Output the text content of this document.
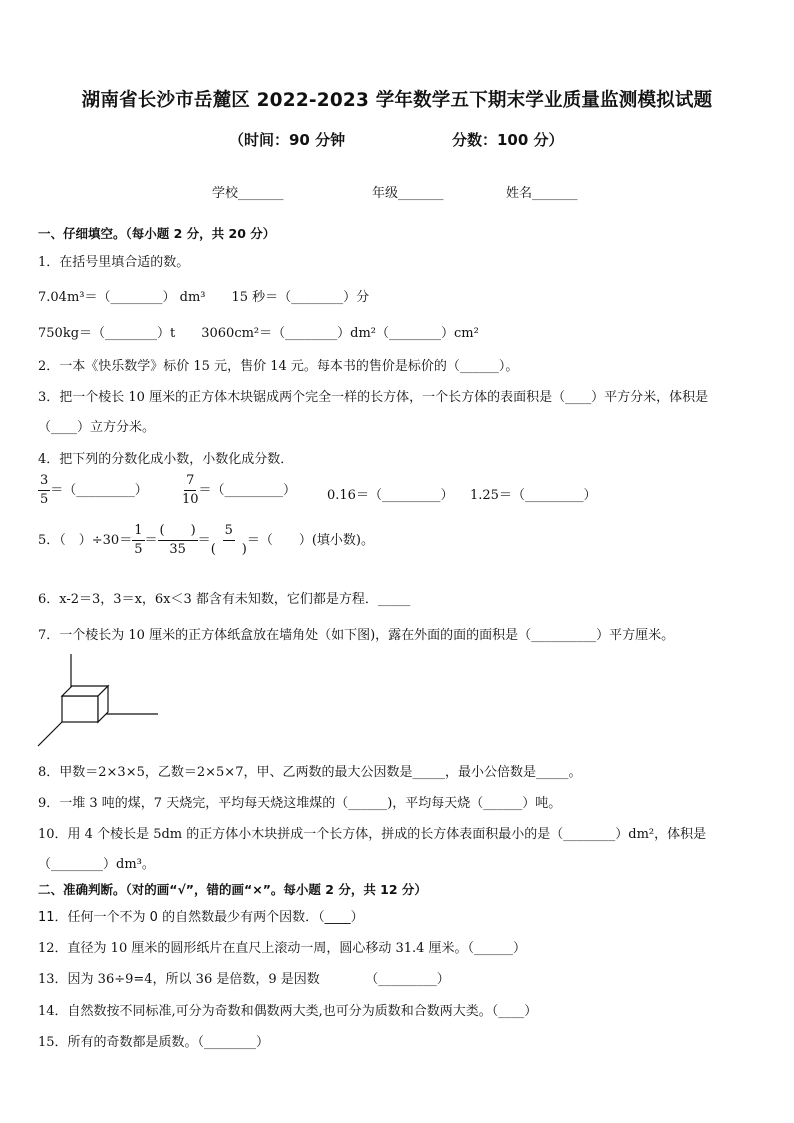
湖南省长沙市岳麓区 2022-2023 学年数学五下期末学业质量监测模拟试题
（时间：90 分钟	分数：100 分）
学校_______	年级_______	姓名_______
一、仔细填空。（每小题 2 分，共 20 分）
1．在括号里填合适的数。
7.04m³＝（________） dm³　　15 秒＝（________）分
750kg＝（________）t　　3060cm²＝（________）dm²（________）cm²
2．一本《快乐数学》标价 15 元，售价 14 元。每本书的售价是标价的（______）。
3．把一个棱长 10 厘米的正方体木块锯成两个完全一样的长方体，一个长方体的表面积是（____）平方分米，体积是
（____）立方分米。
4．把下列的分数化成小数，小数化成分数．
$\frac{3}{5}$ ＝（_________）	$\frac{7}{10}$ ＝（_________） 0.16＝（_________） 1.25＝（_________）
5．（　）$\div 30= \frac{1}{5} = \frac{( )}{35} = \frac{5}{( )}$ ＝（　　）(填小数)。
6．x-2＝3，3＝x，6x＜3 都含有未知数，它们都是方程．_____
7．一个棱长为 10 厘米的正方体纸盒放在墙角处（如下图)，露在外面的面的面积是（__________）平方厘米。
8．甲数＝2×3×5，乙数＝2×5×7，甲、乙两数的最大公因数是_____，最小公倍数是_____。
9．一堆 3 吨的煤，7 天烧完，平均每天烧这堆煤的（______)，平均每天烧（______）吨。
10．用 4 个棱长是 5dm 的正方体小木块拼成一个长方体，拼成的长方体表面积最小的是（________）dm²，体积是
（________）dm³。
二、准确判断。（对的画“√”，错的画“×”。每小题 2 分，共 12 分）
11．任何一个不为 0 的自然数最少有两个因数．（____）
12．直径为 10 厘米的圆形纸片在直尺上滚动一周，圆心移动 31.4 厘米。（______）
13．因为 36÷9=4，所以 36 是倍数，9 是因数　　　　（_________）
14．自然数按不同标准,可分为奇数和偶数两大类,也可分为质数和合数两大类。（____）
15．所有的奇数都是质数。（________）
